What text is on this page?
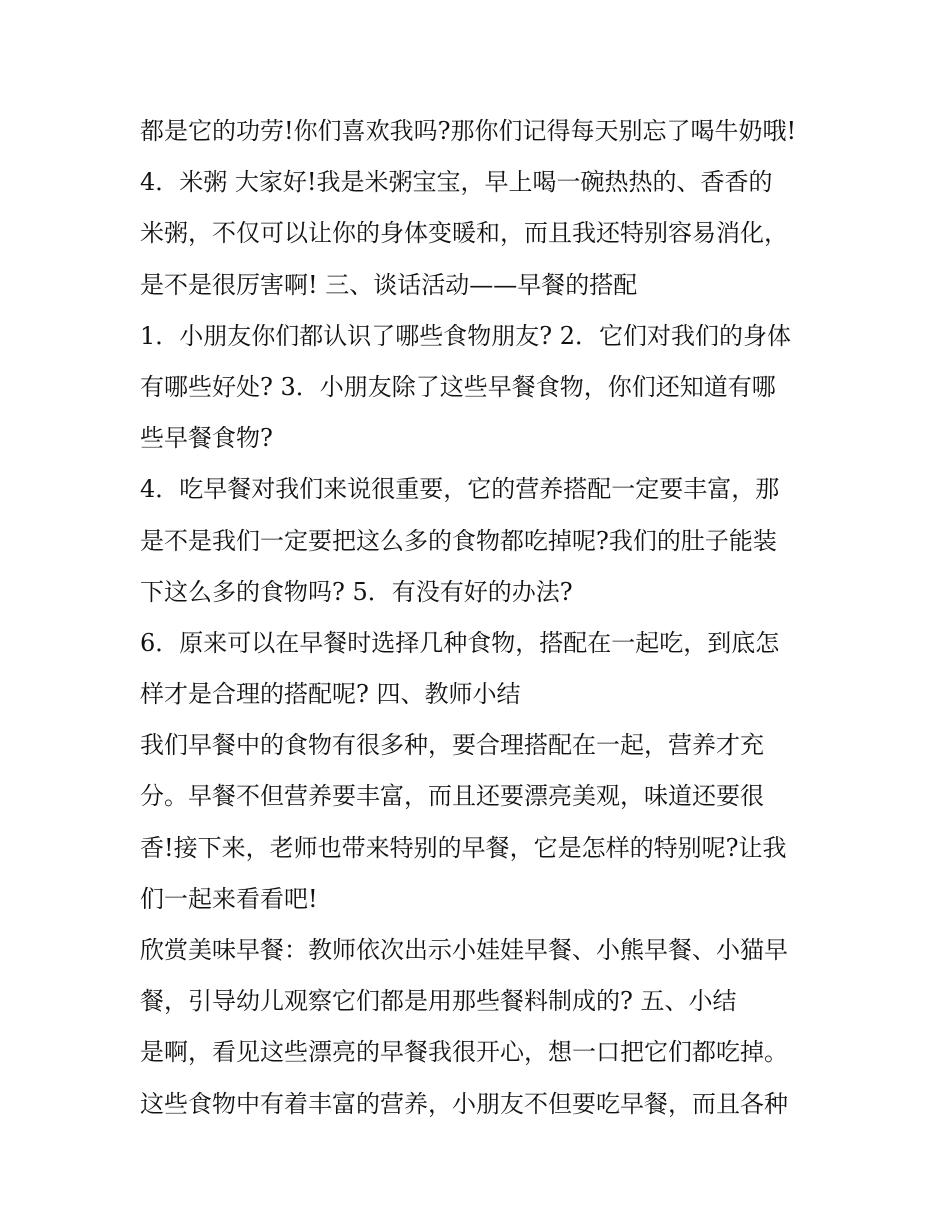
都是它的功劳!你们喜欢我吗?那你们记得每天别忘了喝牛奶哦!
4．米粥 大家好!我是米粥宝宝，早上喝一碗热热的、香香的
米粥，不仅可以让你的身体变暖和，而且我还特别容易消化，
是不是很厉害啊! 三、谈话活动——早餐的搭配
1．小朋友你们都认识了哪些食物朋友? 2．它们对我们的身体
有哪些好处? 3．小朋友除了这些早餐食物，你们还知道有哪
些早餐食物?
4．吃早餐对我们来说很重要，它的营养搭配一定要丰富，那
是不是我们一定要把这么多的食物都吃掉呢?我们的肚子能装
下这么多的食物吗? 5．有没有好的办法?
6．原来可以在早餐时选择几种食物，搭配在一起吃，到底怎
样才是合理的搭配呢? 四、教师小结
我们早餐中的食物有很多种，要合理搭配在一起，营养才充
分。早餐不但营养要丰富，而且还要漂亮美观，味道还要很
香!接下来，老师也带来特别的早餐，它是怎样的特别呢?让我
们一起来看看吧!
欣赏美味早餐：教师依次出示小娃娃早餐、小熊早餐、小猫早
餐，引导幼儿观察它们都是用那些餐料制成的? 五、小结
是啊，看见这些漂亮的早餐我很开心，想一口把它们都吃掉。
这些食物中有着丰富的营养，小朋友不但要吃早餐，而且各种
